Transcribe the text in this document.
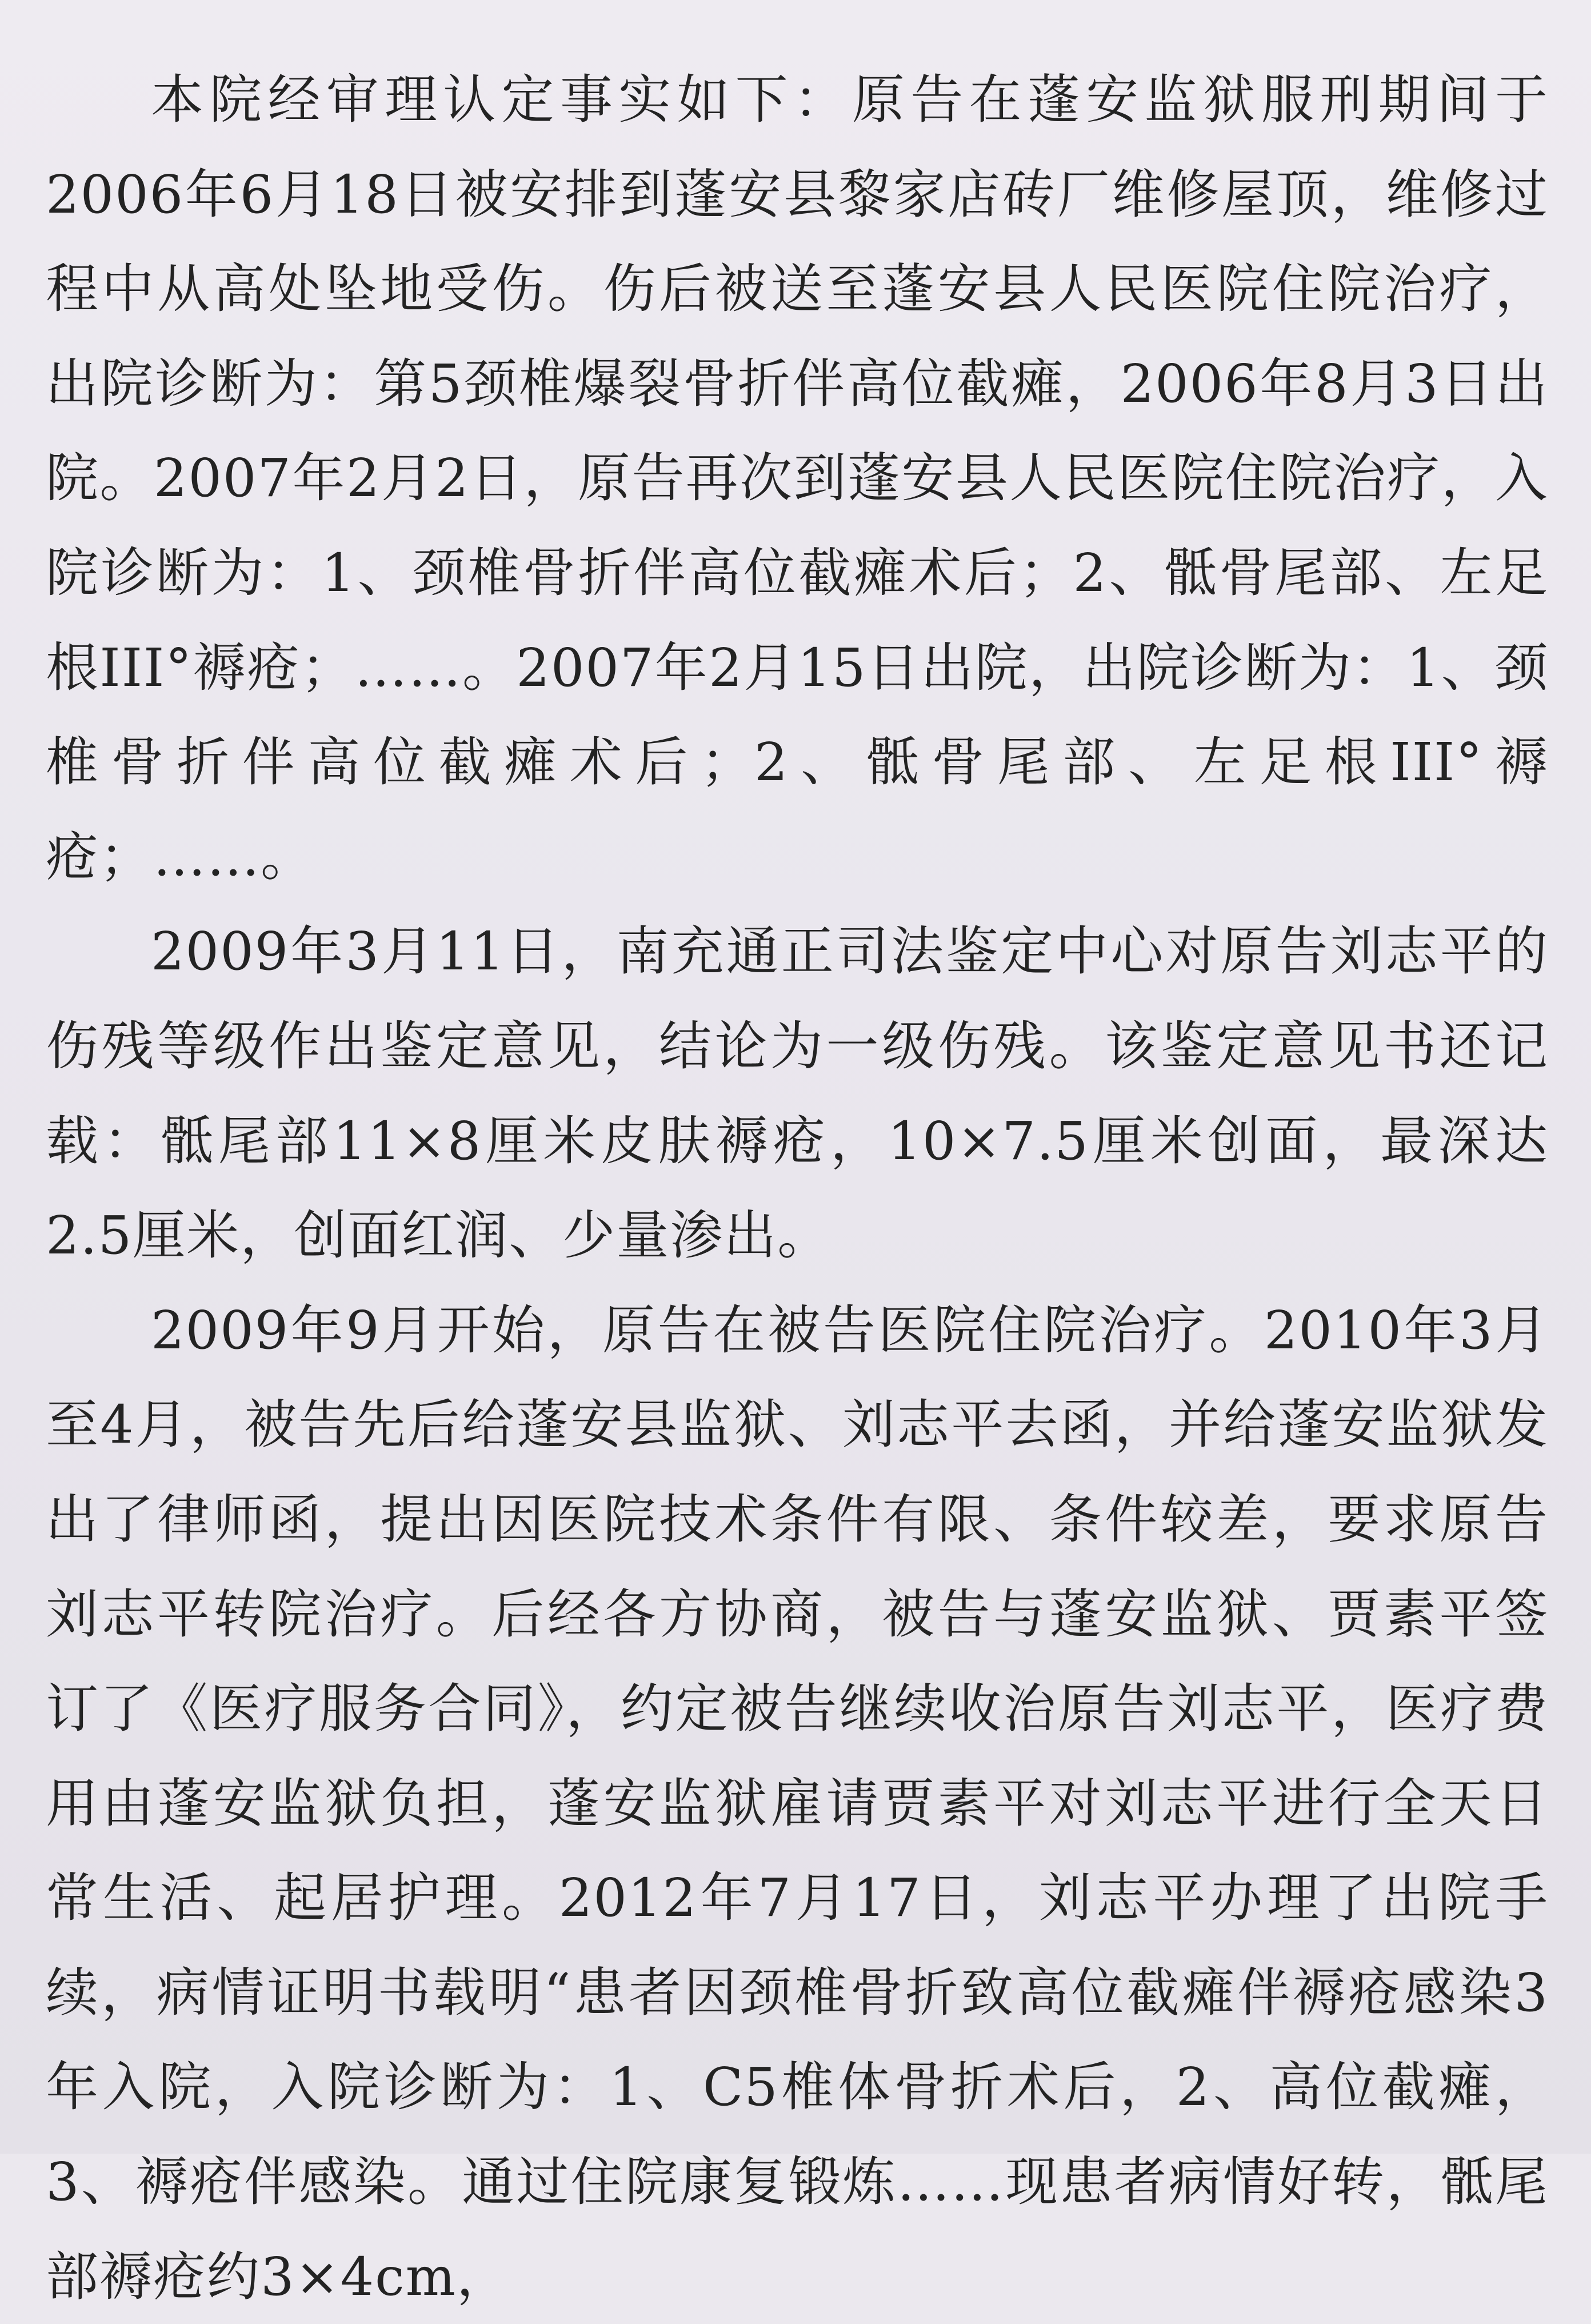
本院经审理认定事实如下：原告在蓬安监狱服刑期间于2006年6月18日被安排到蓬安县黎家店砖厂维修屋顶，维修过程中从高处坠地受伤。伤后被送至蓬安县人民医院住院治疗，出院诊断为：第5颈椎爆裂骨折伴高位截瘫，2006年8月3日出院。2007年2月2日，原告再次到蓬安县人民医院住院治疗，入院诊断为：1、颈椎骨折伴高位截瘫术后；2、骶骨尾部、左足根III°褥疮；……。2007年2月15日出院，出院诊断为：1、颈椎骨折伴高位截瘫术后；2、骶骨尾部、左足根III°褥疮；……。

2009年3月11日，南充通正司法鉴定中心对原告刘志平的伤残等级作出鉴定意见，结论为一级伤残。该鉴定意见书还记载：骶尾部11×8厘米皮肤褥疮，10×7.5厘米创面，最深达2.5厘米，创面红润、少量渗出。

2009年9月开始，原告在被告医院住院治疗。2010年3月至4月，被告先后给蓬安县监狱、刘志平去函，并给蓬安监狱发出了律师函，提出因医院技术条件有限、条件较差，要求原告刘志平转院治疗。后经各方协商，被告与蓬安监狱、贾素平签订了《医疗服务合同》，约定被告继续收治原告刘志平，医疗费用由蓬安监狱负担，蓬安监狱雇请贾素平对刘志平进行全天日常生活、起居护理。2012年7月17日，刘志平办理了出院手续，病情证明书载明“患者因颈椎骨折致高位截瘫伴褥疮感染3年入院，入院诊断为：1、C5椎体骨折术后，2、高位截瘫，3、褥疮伴感染。通过住院康复锻炼……现患者病情好转，骶尾部褥疮约3×4cm，
